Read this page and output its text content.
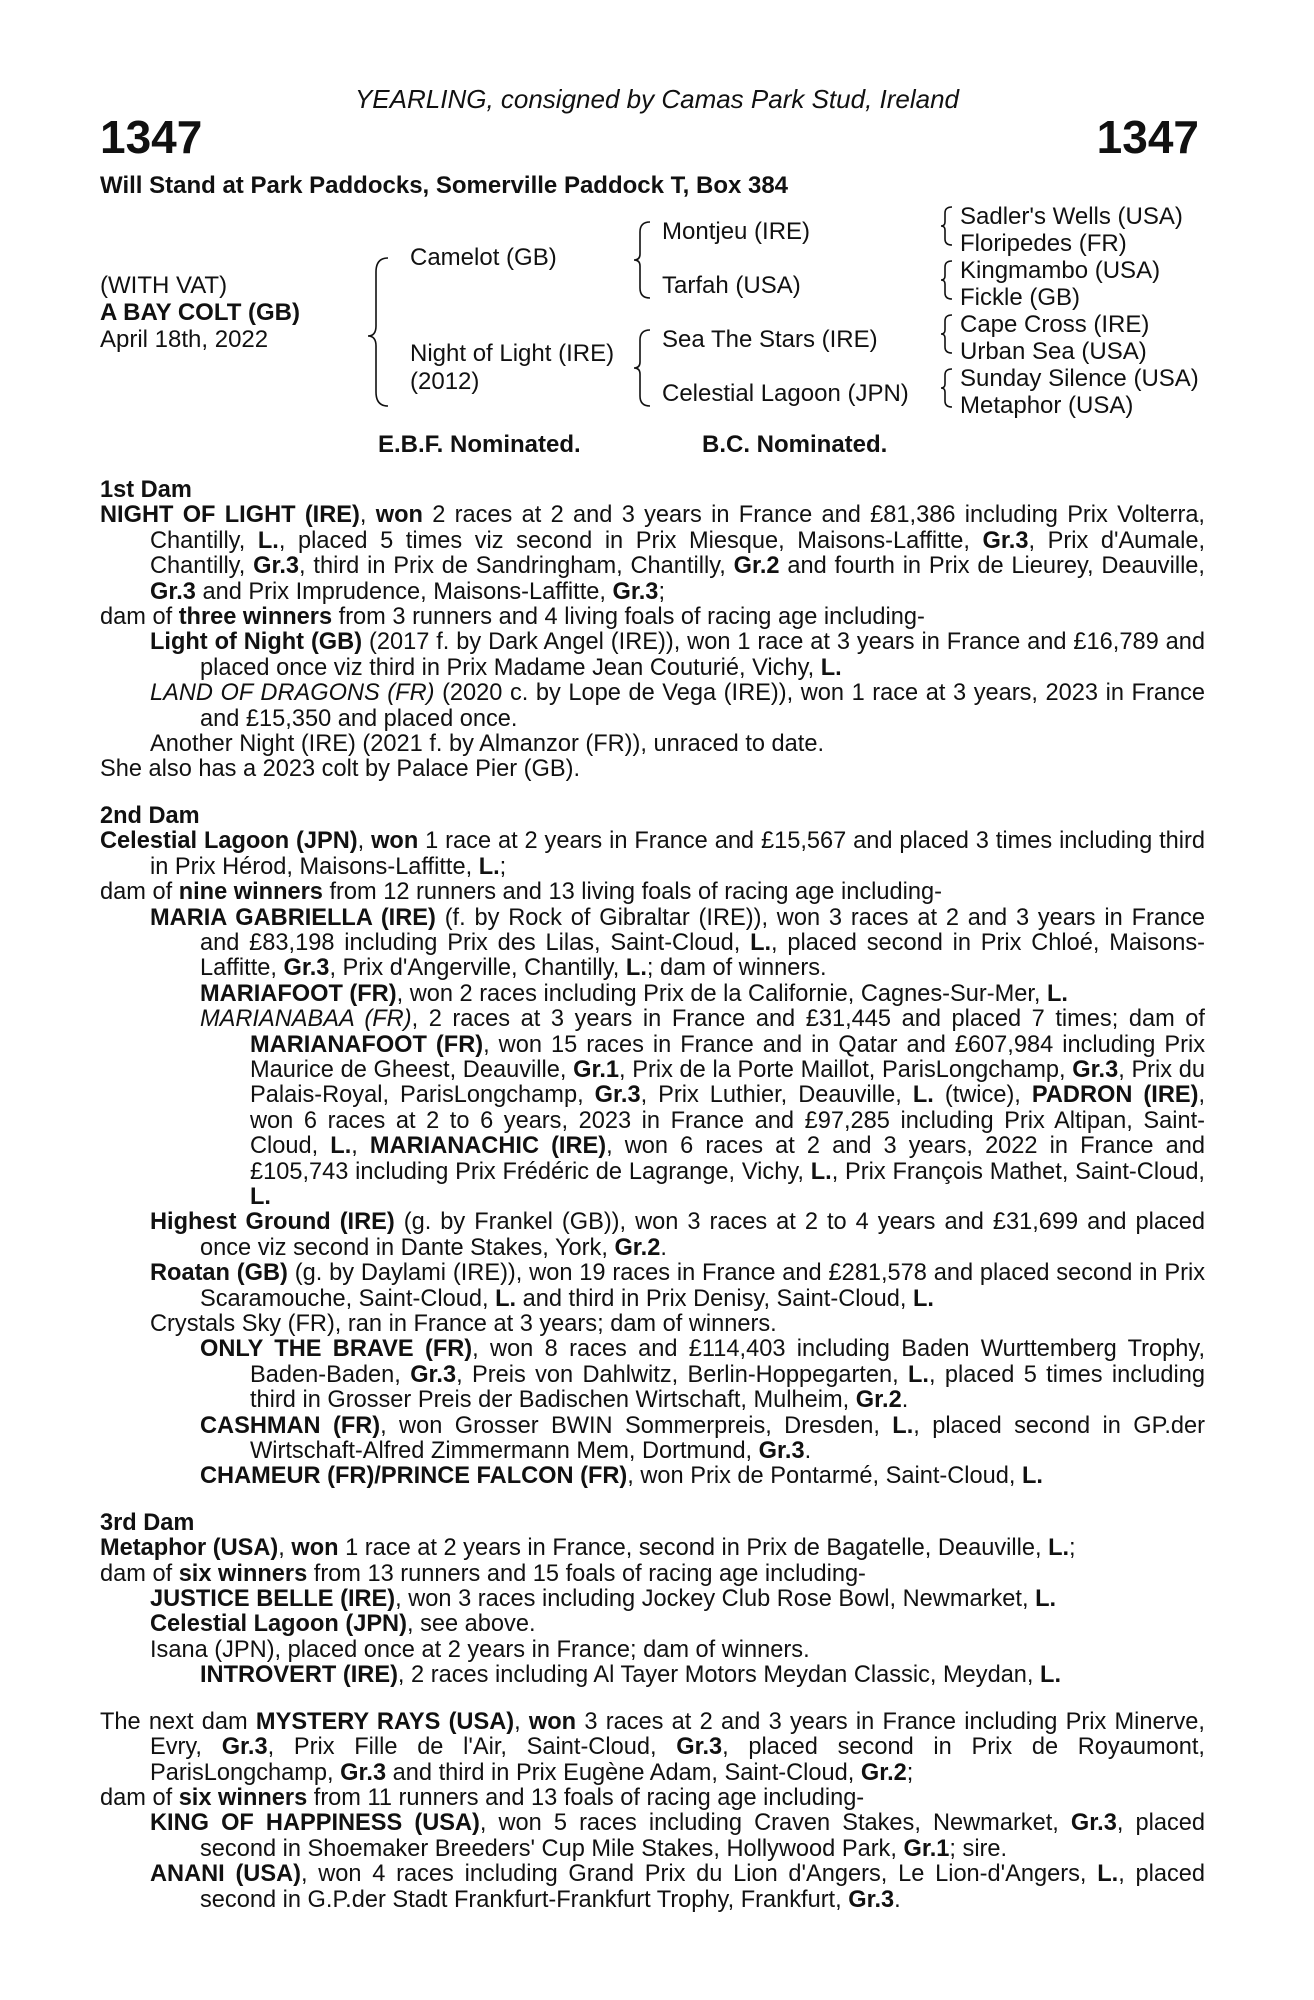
YEARLING, consigned by Camas Park Stud, Ireland
1347	1347
Will Stand at Park Paddocks, Somerville Paddock T, Box 384
(WITH VAT)
A BAY COLT (GB)
April 18th, 2022
Camelot (GB)
Night of Light (IRE)
(2012)
Montjeu (IRE)
Tarfah (USA)
Sea The Stars (IRE)
Celestial Lagoon (JPN)
Sadler's Wells (USA)
Floripedes (FR)
Kingmambo (USA)
Fickle (GB)
Cape Cross (IRE)
Urban Sea (USA)
Sunday Silence (USA)
Metaphor (USA)
E.B.F. Nominated.	B.C. Nominated.
1st Dam

NIGHT OF LIGHT (IRE), won 2 races at 2 and 3 years in France and £81,386 including Prix Volterra, Chantilly, L., placed 5 times viz second in Prix Miesque, Maisons-Laffitte, Gr.3, Prix d'Aumale, Chantilly, Gr.3, third in Prix de Sandringham, Chantilly, Gr.2 and fourth in Prix de Lieurey, Deauville, Gr.3 and Prix Imprudence, Maisons-Laffitte, Gr.3;

dam of three winners from 3 runners and 4 living foals of racing age including-

Light of Night (GB) (2017 f. by Dark Angel (IRE)), won 1 race at 3 years in France and £16,789 and placed once viz third in Prix Madame Jean Couturié, Vichy, L.

LAND OF DRAGONS (FR) (2020 c. by Lope de Vega (IRE)), won 1 race at 3 years, 2023 in France and £15,350 and placed once.

Another Night (IRE) (2021 f. by Almanzor (FR)), unraced to date.

She also has a 2023 colt by Palace Pier (GB).

2nd Dam

Celestial Lagoon (JPN), won 1 race at 2 years in France and £15,567 and placed 3 times including third in Prix Hérod, Maisons-Laffitte, L.;

dam of nine winners from 12 runners and 13 living foals of racing age including-

MARIA GABRIELLA (IRE) (f. by Rock of Gibraltar (IRE)), won 3 races at 2 and 3 years in France and £83,198 including Prix des Lilas, Saint-Cloud, L., placed second in Prix Chloé, Maisons-Laffitte, Gr.3, Prix d'Angerville, Chantilly, L.; dam of winners.

MARIAFOOT (FR), won 2 races including Prix de la Californie, Cagnes-Sur-Mer, L.

MARIANABAA (FR), 2 races at 3 years in France and £31,445 and placed 7 times; dam of MARIANAFOOT (FR), won 15 races in France and in Qatar and £607,984 including Prix Maurice de Gheest, Deauville, Gr.1, Prix de la Porte Maillot, ParisLongchamp, Gr.3, Prix du Palais-Royal, ParisLongchamp, Gr.3, Prix Luthier, Deauville, L. (twice), PADRON (IRE), won 6 races at 2 to 6 years, 2023 in France and £97,285 including Prix Altipan, Saint-Cloud, L., MARIANACHIC (IRE), won 6 races at 2 and 3 years, 2022 in France and £105,743 including Prix Frédéric de Lagrange, Vichy, L., Prix François Mathet, Saint-Cloud, L.

Highest Ground (IRE) (g. by Frankel (GB)), won 3 races at 2 to 4 years and £31,699 and placed once viz second in Dante Stakes, York, Gr.2.

Roatan (GB) (g. by Daylami (IRE)), won 19 races in France and £281,578 and placed second in Prix Scaramouche, Saint-Cloud, L. and third in Prix Denisy, Saint-Cloud, L.

Crystals Sky (FR), ran in France at 3 years; dam of winners.

ONLY THE BRAVE (FR), won 8 races and £114,403 including Baden Wurttemberg Trophy, Baden-Baden, Gr.3, Preis von Dahlwitz, Berlin-Hoppegarten, L., placed 5 times including third in Grosser Preis der Badischen Wirtschaft, Mulheim, Gr.2.

CASHMAN (FR), won Grosser BWIN Sommerpreis, Dresden, L., placed second in GP.der Wirtschaft-Alfred Zimmermann Mem, Dortmund, Gr.3.

CHAMEUR (FR)/PRINCE FALCON (FR), won Prix de Pontarmé, Saint-Cloud, L.

3rd Dam

Metaphor (USA), won 1 race at 2 years in France, second in Prix de Bagatelle, Deauville, L.;

dam of six winners from 13 runners and 15 foals of racing age including-

JUSTICE BELLE (IRE), won 3 races including Jockey Club Rose Bowl, Newmarket, L.

Celestial Lagoon (JPN), see above.

Isana (JPN), placed once at 2 years in France; dam of winners.

INTROVERT (IRE), 2 races including Al Tayer Motors Meydan Classic, Meydan, L.

The next dam MYSTERY RAYS (USA), won 3 races at 2 and 3 years in France including Prix Minerve, Evry, Gr.3, Prix Fille de l'Air, Saint-Cloud, Gr.3, placed second in Prix de Royaumont, ParisLongchamp, Gr.3 and third in Prix Eugène Adam, Saint-Cloud, Gr.2;

dam of six winners from 11 runners and 13 foals of racing age including-

KING OF HAPPINESS (USA), won 5 races including Craven Stakes, Newmarket, Gr.3, placed second in Shoemaker Breeders' Cup Mile Stakes, Hollywood Park, Gr.1; sire.

ANANI (USA), won 4 races including Grand Prix du Lion d'Angers, Le Lion-d'Angers, L., placed second in G.P.der Stadt Frankfurt-Frankfurt Trophy, Frankfurt, Gr.3.
